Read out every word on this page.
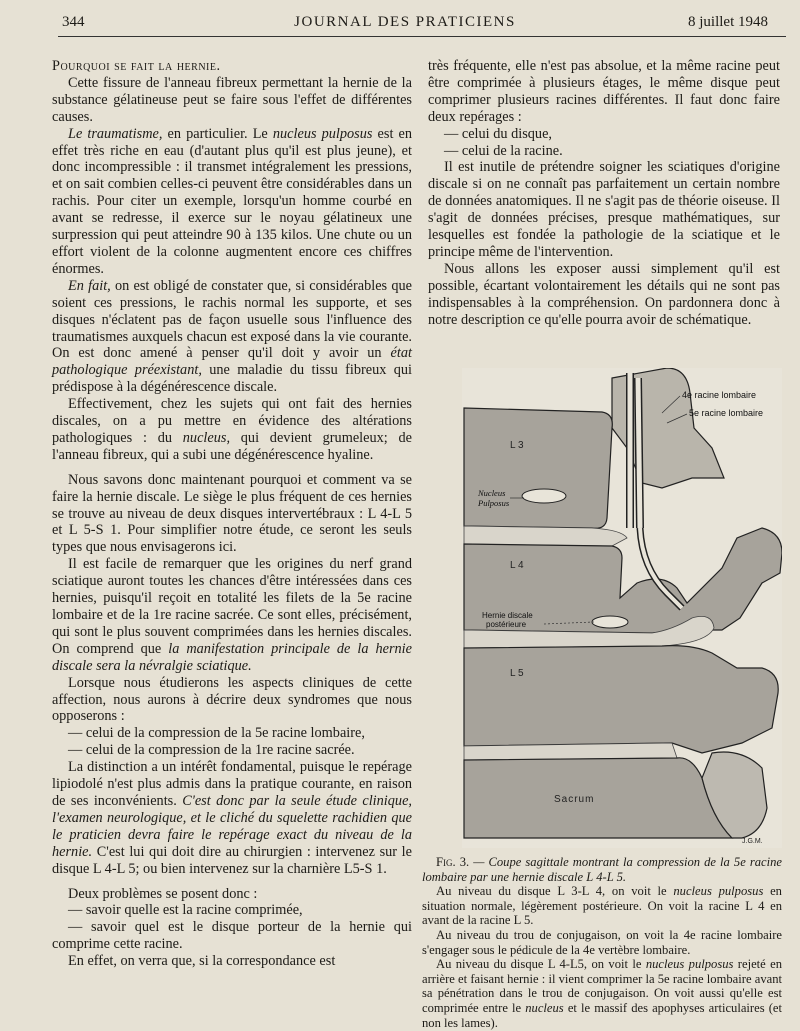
344	JOURNAL DES PRATICIENS	8 juillet 1948

Pourquoi se fait la hernie.

Cette fissure de l'anneau fibreux permettant la hernie de la substance gélatineuse peut se faire sous l'effet de différentes causes.

Le traumatisme, en particulier. Le nucleus pulposus est en effet très riche en eau (d'autant plus qu'il est plus jeune), et donc incompressible : il transmet intégralement les pressions, et on sait combien celles-ci peuvent être considérables dans un rachis. Pour citer un exemple, lorsqu'un homme courbé en avant se redresse, il exerce sur le noyau gélatineux une surpression qui peut atteindre 90 à 135 kilos. Une chute ou un effort violent de la colonne augmentent encore ces chiffres énormes.

En fait, on est obligé de constater que, si considérables que soient ces pressions, le rachis normal les supporte, et ses disques n'éclatent pas de façon usuelle sous l'influence des traumatismes auxquels chacun est exposé dans la vie courante. On est donc amené à penser qu'il doit y avoir un état pathologique préexistant, une maladie du tissu fibreux qui prédispose à la dégénérescence discale.

Effectivement, chez les sujets qui ont fait des hernies discales, on a pu mettre en évidence des altérations pathologiques : du nucleus, qui devient grumeleux; de l'anneau fibreux, qui a subi une dégénérescence hyaline.

Nous savons donc maintenant pourquoi et comment va se faire la hernie discale. Le siège le plus fréquent de ces hernies se trouve au niveau de deux disques intervertébraux : L 4-L 5 et L 5-S 1. Pour simplifier notre étude, ce seront les seuls types que nous envisagerons ici.

Il est facile de remarquer que les origines du nerf grand sciatique auront toutes les chances d'être intéressées dans ces hernies, puisqu'il reçoit en totalité les filets de la 5e racine lombaire et de la 1re racine sacrée. Ce sont elles, précisément, qui sont le plus souvent comprimées dans les hernies discales. On comprend que la manifestation principale de la hernie discale sera la névralgie sciatique.

Lorsque nous étudierons les aspects cliniques de cette affection, nous aurons à décrire deux syndromes que nous opposerons :

— celui de la compression de la 5e racine lombaire,

— celui de la compression de la 1re racine sacrée.

La distinction a un intérêt fondamental, puisque le repérage lipiodolé n'est plus admis dans la pratique courante, en raison de ses inconvénients. C'est donc par la seule étude clinique, l'examen neurologique, et le cliché du squelette rachidien que le praticien devra faire le repérage exact du niveau de la hernie. C'est lui qui doit dire au chirurgien : intervenez sur le disque L 4-L 5; ou bien intervenez sur la charnière L5-S 1.

Deux problèmes se posent donc :

— savoir quelle est la racine comprimée,

— savoir quel est le disque porteur de la hernie qui comprime cette racine.

En effet, on verra que, si la correspondance est

très fréquente, elle n'est pas absolue, et la même racine peut être comprimée à plusieurs étages, le même disque peut comprimer plusieurs racines différentes. Il faut donc faire deux repérages :

— celui du disque,

— celui de la racine.

Il est inutile de prétendre soigner les sciatiques d'origine discale si on ne connaît pas parfaitement un certain nombre de données anatomiques. Il ne s'agit pas de théorie oiseuse. Il s'agit de données précises, presque mathématiques, sur lesquelles est fondée la pathologie de la sciatique et le principe même de l'intervention.

Nous allons les exposer aussi simplement qu'il est possible, écartant volontairement les détails qui ne sont pas indispensables à la compréhension. On pardonnera donc à notre description ce qu'elle pourra avoir de schématique.

4e racine lombaire
5e racine lombaire
L 3
L 4
L 5
Nucleus
Pulposus
Hernie discale
postérieure
Sacrum
J.G.M.

Fig. 3. — Coupe sagittale montrant la compression de la 5e racine lombaire par une hernie discale L 4-L 5.

Au niveau du disque L 3-L 4, on voit le nucleus pulposus en situation normale, légèrement postérieure. On voit la racine L 4 en avant de la racine L 5.

Au niveau du trou de conjugaison, on voit la 4e racine lombaire s'engager sous le pédicule de la 4e vertèbre lombaire.

Au niveau du disque L 4-L5, on voit le nucleus pulposus rejeté en arrière et faisant hernie : il vient comprimer la 5e racine lombaire avant sa pénétration dans le trou de conjugaison. On voit aussi qu'elle est comprimée entre le nucleus et le massif des apophyses articulaires (et non les lames).
